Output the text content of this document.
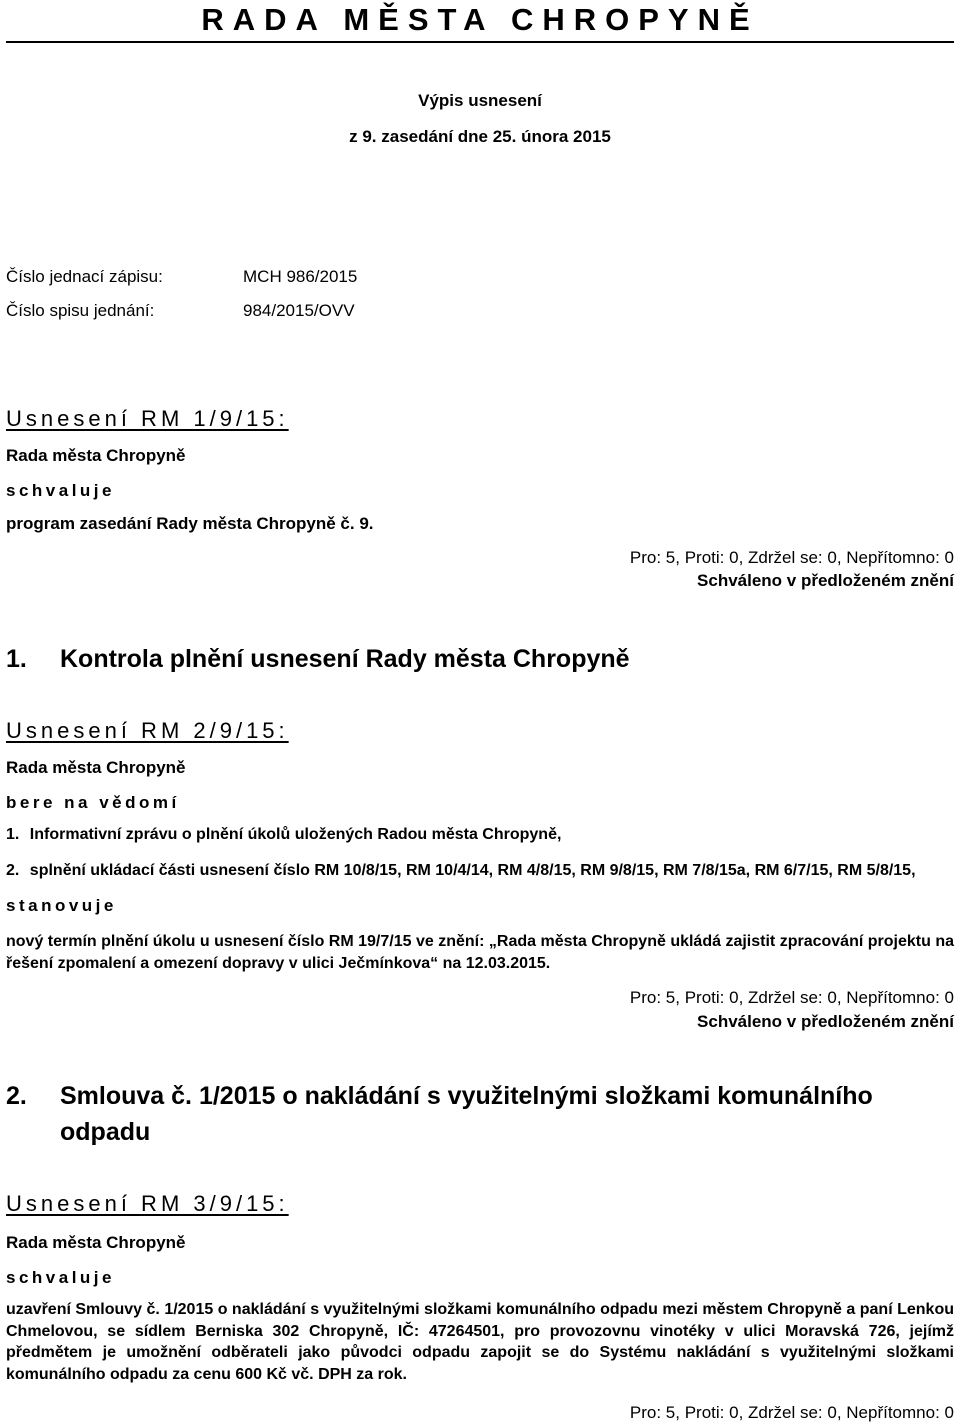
RADA MĚSTA CHROPYNĚ
Výpis usnesení
z 9. zasedání dne 25. února 2015
Číslo jednací zápisu:	MCH 986/2015
Číslo spisu jednání:	984/2015/OVV
Usnesení RM 1/9/15:
Rada města Chropyně
schvaluje
program zasedání Rady města Chropyně č. 9.
Pro: 5, Proti: 0, Zdržel se: 0, Nepřítomno: 0
Schváleno v předloženém znění
1. Kontrola plnění usnesení Rady města Chropyně
Usnesení RM 2/9/15:
Rada města Chropyně
bere na vědomí
1. Informativní zprávu o plnění úkolů uložených Radou města Chropyně,
2. splnění ukládací části usnesení číslo RM 10/8/15, RM 10/4/14, RM 4/8/15, RM 9/8/15, RM 7/8/15a, RM 6/7/15, RM 5/8/15,
stanovuje
nový termín plnění úkolu u usnesení číslo RM 19/7/15 ve znění: „Rada města Chropyně ukládá zajistit zpracování projektu na řešení zpomalení a omezení dopravy v ulici Ječmínkova“ na 12.03.2015.
Pro: 5, Proti: 0, Zdržel se: 0, Nepřítomno: 0
Schváleno v předloženém znění
2. Smlouva č. 1/2015 o nakládání s využitelnými složkami komunálního
odpadu
Usnesení RM 3/9/15:
Rada města Chropyně
schvaluje
uzavření Smlouvy č. 1/2015 o nakládání s využitelnými složkami komunálního odpadu mezi městem Chropyně a paní Lenkou Chmelovou, se sídlem Berniska 302 Chropyně, IČ: 47264501, pro provozovnu vinotéky v ulici Moravská 726, jejímž předmětem je umožnění odběrateli jako původci odpadu zapojit se do Systému nakládání s využitelnými složkami komunálního odpadu za cenu 600 Kč vč. DPH za rok.
Pro: 5, Proti: 0, Zdržel se: 0, Nepřítomno: 0
